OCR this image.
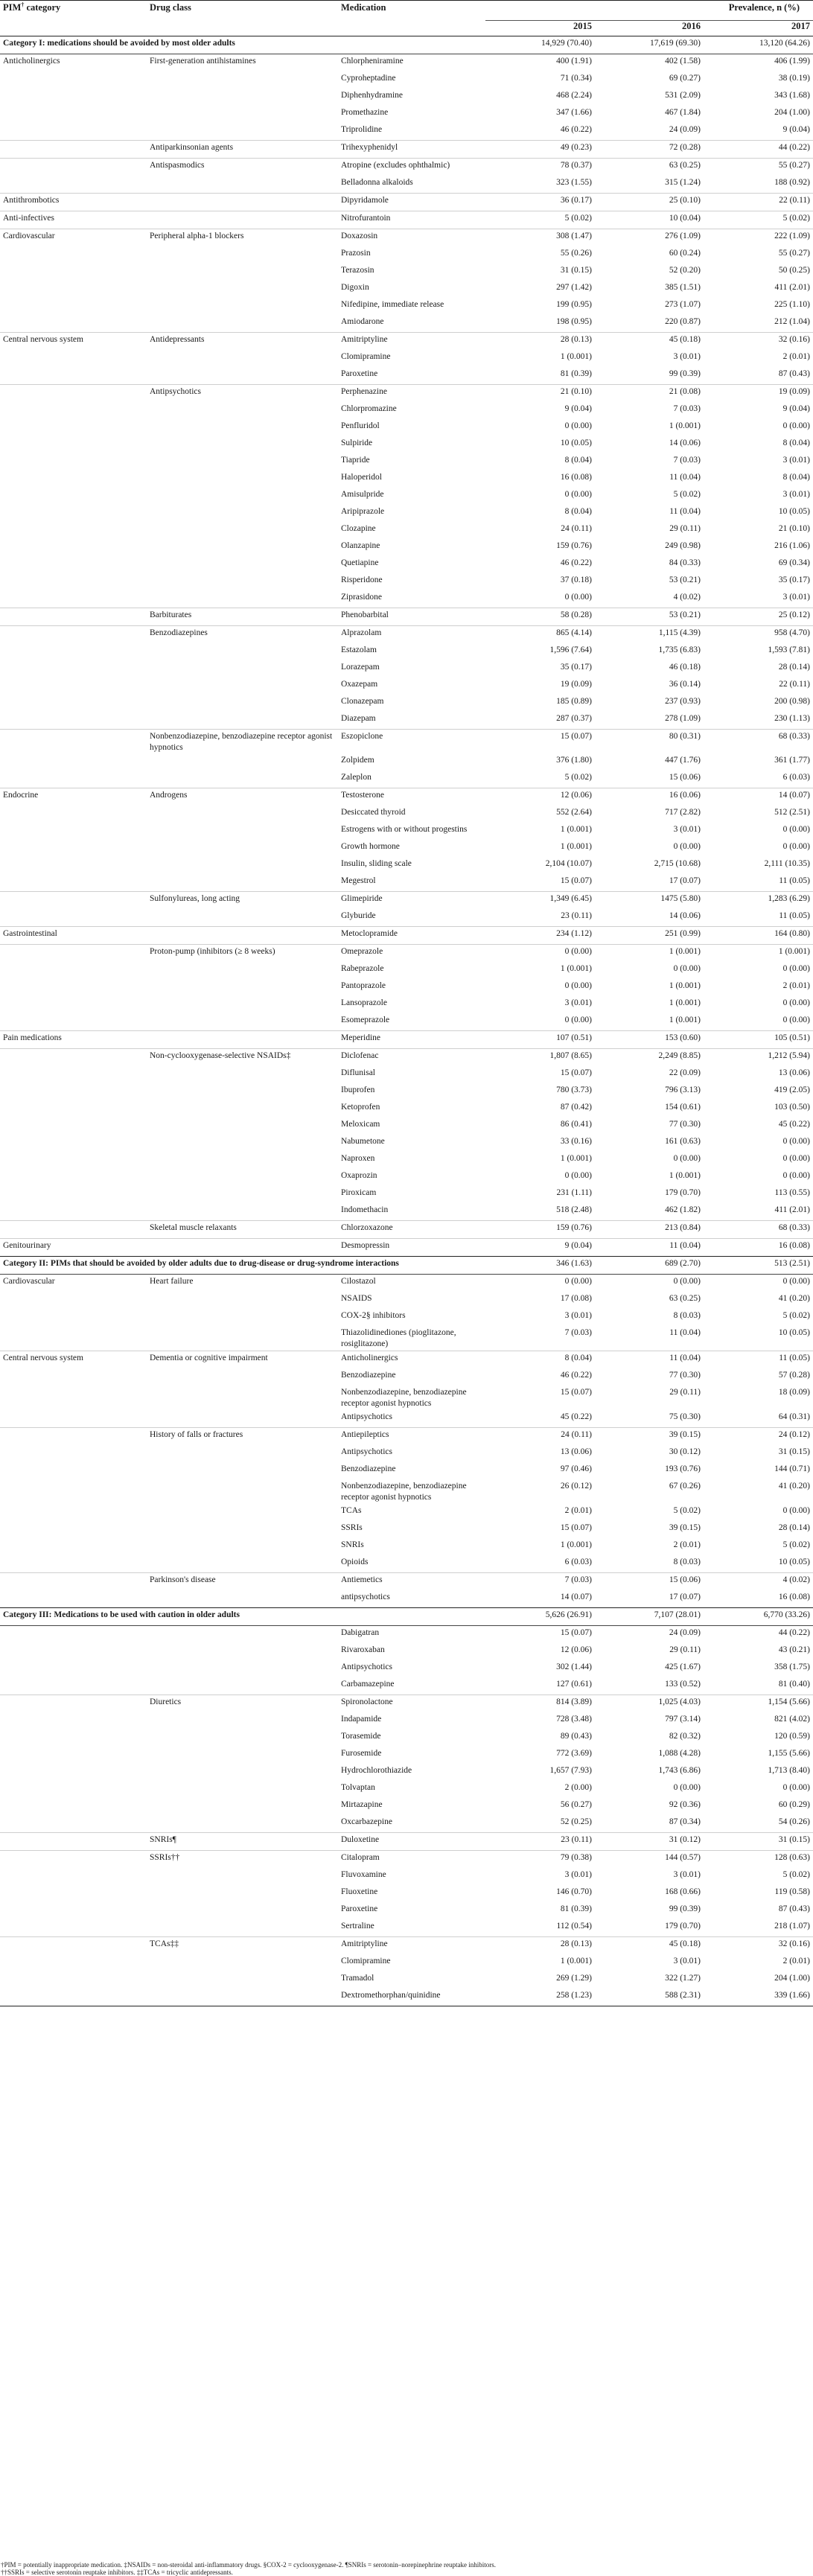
PIM† category	Drug class	Medication	Prevalence, n (%)		
			2015	2016	2017
Category I: medications should be avoided by most older adults			14,929 (70.40)	17,619 (69.30)	13,120 (64.26)
Anticholinergics	First-generation antihistamines	Chlorpheniramine	400 (1.91)	402 (1.58)	406 (1.99)
		Cyproheptadine	71 (0.34)	69 (0.27)	38 (0.19)
		Diphenhydramine	468 (2.24)	531 (2.09)	343 (1.68)
		Promethazine	347 (1.66)	467 (1.84)	204 (1.00)
		Triprolidine	46 (0.22)	24 (0.09)	9 (0.04)
	Antiparkinsonian agents	Trihexyphenidyl	49 (0.23)	72 (0.28)	44 (0.22)
	Antispasmodics	Atropine (excludes ophthalmic)	78 (0.37)	63 (0.25)	55 (0.27)
		Belladonna alkaloids	323 (1.55)	315 (1.24)	188 (0.92)
Antithrombotics		Dipyridamole	36 (0.17)	25 (0.10)	22 (0.11)
Anti-infectives		Nitrofurantoin	5 (0.02)	10 (0.04)	5 (0.02)
Cardiovascular	Peripheral alpha-1 blockers	Doxazosin	308 (1.47)	276 (1.09)	222 (1.09)
		Prazosin	55 (0.26)	60 (0.24)	55 (0.27)
		Terazosin	31 (0.15)	52 (0.20)	50 (0.25)
		Digoxin	297 (1.42)	385 (1.51)	411 (2.01)
		Nifedipine, immediate release	199 (0.95)	273 (1.07)	225 (1.10)
		Amiodarone	198 (0.95)	220 (0.87)	212 (1.04)
Central nervous system	Antidepressants	Amitriptyline	28 (0.13)	45 (0.18)	32 (0.16)
		Clomipramine	1 (0.001)	3 (0.01)	2 (0.01)
		Paroxetine	81 (0.39)	99 (0.39)	87 (0.43)
	Antipsychotics	Perphenazine	21 (0.10)	21 (0.08)	19 (0.09)
		Chlorpromazine	9 (0.04)	7 (0.03)	9 (0.04)
		Penfluridol	0 (0.00)	1 (0.001)	0 (0.00)
		Sulpiride	10 (0.05)	14 (0.06)	8 (0.04)
		Tiapride	8 (0.04)	7 (0.03)	3 (0.01)
		Haloperidol	16 (0.08)	11 (0.04)	8 (0.04)
		Amisulpride	0 (0.00)	5 (0.02)	3 (0.01)
		Aripiprazole	8 (0.04)	11 (0.04)	10 (0.05)
		Clozapine	24 (0.11)	29 (0.11)	21 (0.10)
		Olanzapine	159 (0.76)	249 (0.98)	216 (1.06)
		Quetiapine	46 (0.22)	84 (0.33)	69 (0.34)
		Risperidone	37 (0.18)	53 (0.21)	35 (0.17)
		Ziprasidone	0 (0.00)	4 (0.02)	3 (0.01)
	Barbiturates	Phenobarbital	58 (0.28)	53 (0.21)	25 (0.12)
	Benzodiazepines	Alprazolam	865 (4.14)	1,115 (4.39)	958 (4.70)
		Estazolam	1,596 (7.64)	1,735 (6.83)	1,593 (7.81)
		Lorazepam	35 (0.17)	46 (0.18)	28 (0.14)
		Oxazepam	19 (0.09)	36 (0.14)	22 (0.11)
		Clonazepam	185 (0.89)	237 (0.93)	200 (0.98)
		Diazepam	287 (0.37)	278 (1.09)	230 (1.13)
	Nonbenzodiazepine, benzodiazepine receptor agonist hypnotics	Eszopiclone	15 (0.07)	80 (0.31)	68 (0.33)
		Zolpidem	376 (1.80)	447 (1.76)	361 (1.77)
		Zaleplon	5 (0.02)	15 (0.06)	6 (0.03)
Endocrine	Androgens	Testosterone	12 (0.06)	16 (0.06)	14 (0.07)
		Desiccated thyroid	552 (2.64)	717 (2.82)	512 (2.51)
		Estrogens with or without progestins	1 (0.001)	3 (0.01)	0 (0.00)
		Growth hormone	1 (0.001)	0 (0.00)	0 (0.00)
		Insulin, sliding scale	2,104 (10.07)	2,715 (10.68)	2,111 (10.35)
		Megestrol	15 (0.07)	17 (0.07)	11 (0.05)
	Sulfonylureas, long acting	Glimepiride	1,349 (6.45)	1475 (5.80)	1,283 (6.29)
		Glyburide	23 (0.11)	14 (0.06)	11 (0.05)
Gastrointestinal		Metoclopramide	234 (1.12)	251 (0.99)	164 (0.80)
	Proton-pump (inhibitors (≥ 8 weeks)	Omeprazole	0 (0.00)	1 (0.001)	1 (0.001)
		Rabeprazole	1 (0.001)	0 (0.00)	0 (0.00)
		Pantoprazole	0 (0.00)	1 (0.001)	2 (0.01)
		Lansoprazole	3 (0.01)	1 (0.001)	0 (0.00)
		Esomeprazole	0 (0.00)	1 (0.001)	0 (0.00)
Pain medications		Meperidine	107 (0.51)	153 (0.60)	105 (0.51)
	Non-cyclooxygenase-selective NSAIDs‡	Diclofenac	1,807 (8.65)	2,249 (8.85)	1,212 (5.94)
		Diflunisal	15 (0.07)	22 (0.09)	13 (0.06)
		Ibuprofen	780 (3.73)	796 (3.13)	419 (2.05)
		Ketoprofen	87 (0.42)	154 (0.61)	103 (0.50)
		Meloxicam	86 (0.41)	77 (0.30)	45 (0.22)
		Nabumetone	33 (0.16)	161 (0.63)	0 (0.00)
		Naproxen	1 (0.001)	0 (0.00)	0 (0.00)
		Oxaprozin	0 (0.00)	1 (0.001)	0 (0.00)
		Piroxicam	231 (1.11)	179 (0.70)	113 (0.55)
		Indomethacin	518 (2.48)	462 (1.82)	411 (2.01)
	Skeletal muscle relaxants	Chlorzoxazone	159 (0.76)	213 (0.84)	68 (0.33)
Genitourinary		Desmopressin	9 (0.04)	11 (0.04)	16 (0.08)
Category II: PIMs that should be avoided by older adults due to drug-disease or drug-syndrome interactions			346 (1.63)	689 (2.70)	513 (2.51)
Cardiovascular	Heart failure	Cilostazol	0 (0.00)	0 (0.00)	0 (0.00)
		NSAIDS	17 (0.08)	63 (0.25)	41 (0.20)
		COX-2§ inhibitors	3 (0.01)	8 (0.03)	5 (0.02)
		Thiazolidinediones (pioglitazone, rosiglitazone)	7 (0.03)	11 (0.04)	10 (0.05)
Central nervous system	Dementia or cognitive impairment	Anticholinergics	8 (0.04)	11 (0.04)	11 (0.05)
		Benzodiazepine	46 (0.22)	77 (0.30)	57 (0.28)
		Nonbenzodiazepine, benzodiazepine receptor agonist hypnotics	15 (0.07)	29 (0.11)	18 (0.09)
		Antipsychotics	45 (0.22)	75 (0.30)	64 (0.31)
	History of falls or fractures	Antiepileptics	24 (0.11)	39 (0.15)	24 (0.12)
		Antipsychotics	13 (0.06)	30 (0.12)	31 (0.15)
		Benzodiazepine	97 (0.46)	193 (0.76)	144 (0.71)
		Nonbenzodiazepine, benzodiazepine receptor agonist hypnotics	26 (0.12)	67 (0.26)	41 (0.20)
		TCAs	2 (0.01)	5 (0.02)	0 (0.00)
		SSRIs	15 (0.07)	39 (0.15)	28 (0.14)
		SNRIs	1 (0.001)	2 (0.01)	5 (0.02)
		Opioids	6 (0.03)	8 (0.03)	10 (0.05)
	Parkinson's disease	Antiemetics	7 (0.03)	15 (0.06)	4 (0.02)
		antipsychotics	14 (0.07)	17 (0.07)	16 (0.08)
Category III: Medications to be used with caution in older adults			5,626 (26.91)	7,107 (28.01)	6,770 (33.26)
		Dabigatran	15 (0.07)	24 (0.09)	44 (0.22)
		Rivaroxaban	12 (0.06)	29 (0.11)	43 (0.21)
		Antipsychotics	302 (1.44)	425 (1.67)	358 (1.75)
		Carbamazepine	127 (0.61)	133 (0.52)	81 (0.40)
	Diuretics	Spironolactone	814 (3.89)	1,025 (4.03)	1,154 (5.66)
		Indapamide	728 (3.48)	797 (3.14)	821 (4.02)
		Torasemide	89 (0.43)	82 (0.32)	120 (0.59)
		Furosemide	772 (3.69)	1,088 (4.28)	1,155 (5.66)
		Hydrochlorothiazide	1,657 (7.93)	1,743 (6.86)	1,713 (8.40)
		Tolvaptan	2 (0.00)	0 (0.00)	0 (0.00)
		Mirtazapine	56 (0.27)	92 (0.36)	60 (0.29)
		Oxcarbazepine	52 (0.25)	87 (0.34)	54 (0.26)
	SNRIs¶	Duloxetine	23 (0.11)	31 (0.12)	31 (0.15)
	SSRIs††	Citalopram	79 (0.38)	144 (0.57)	128 (0.63)
		Fluvoxamine	3 (0.01)	3 (0.01)	5 (0.02)
		Fluoxetine	146 (0.70)	168 (0.66)	119 (0.58)
		Paroxetine	81 (0.39)	99 (0.39)	87 (0.43)
		Sertraline	112 (0.54)	179 (0.70)	218 (1.07)
	TCAs‡‡	Amitriptyline	28 (0.13)	45 (0.18)	32 (0.16)
		Clomipramine	1 (0.001)	3 (0.01)	2 (0.01)
		Tramadol	269 (1.29)	322 (1.27)	204 (1.00)
		Dextromethorphan/quinidine	258 (1.23)	588 (2.31)	339 (1.66)
†PIM = potentially inappropriate medication. ‡NSAIDs = non-steroidal anti-inflammatory drugs. §COX-2 = cyclooxygenase-2. ¶SNRIs = serotonin–norepinephrine reuptake inhibitors.
††SSRIs = selective serotonin reuptake inhibitors. ‡‡TCAs = tricyclic antidepressants.
